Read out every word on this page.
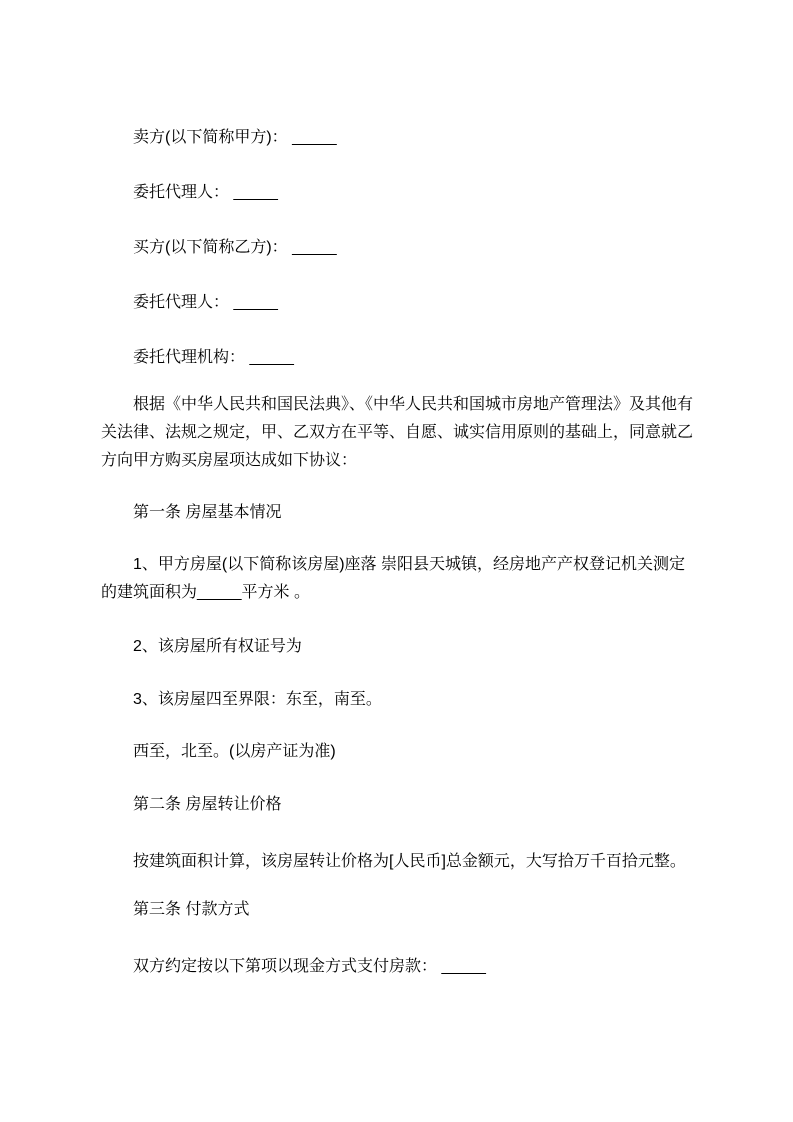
卖方(以下简称甲方)： _____
委托代理人： _____
买方(以下简称乙方)： _____
委托代理人： _____
委托代理机构： _____
根据《中华人民共和国民法典》、《中华人民共和国城市房地产管理法》及其他有
关法律、法规之规定，甲、乙双方在平等、自愿、诚实信用原则的基础上，同意就乙
方向甲方购买房屋项达成如下协议：
第一条 房屋基本情况
1、甲方房屋(以下简称该房屋)座落 崇阳县天城镇，经房地产产权登记机关测定
的建筑面积为_____平方米 。
2、该房屋所有权证号为
3、该房屋四至界限：东至，南至。
西至，北至。(以房产证为准)
第二条 房屋转让价格
按建筑面积计算，该房屋转让价格为[人民币]总金额元，大写拾万千百拾元整。
第三条 付款方式
双方约定按以下第项以现金方式支付房款： _____
